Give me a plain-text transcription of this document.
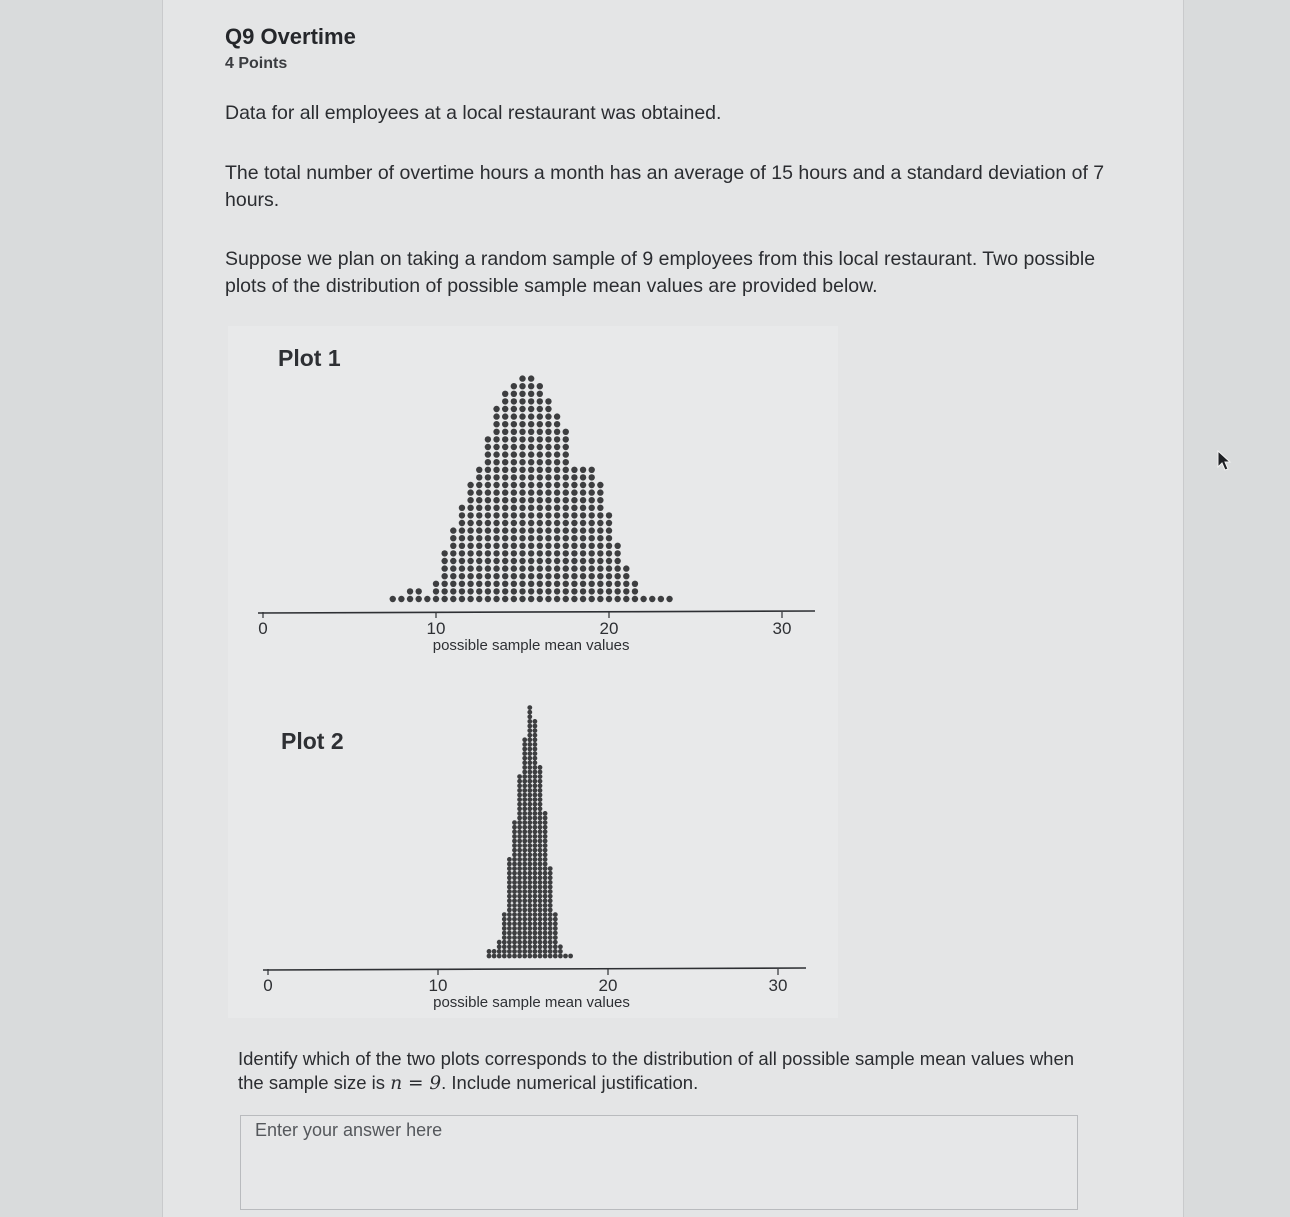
Q9 Overtime
4 Points
Data for all employees at a local restaurant was obtained.
The total number of overtime hours a month has an average of 15 hours and a standard deviation of 7 hours.
Suppose we plan on taking a random sample of 9 employees from this local restaurant. Two possible plots of the distribution of possible sample mean values are provided below.
Plot 1
0	10	20	30
possible sample mean values
Plot 2
0	10	20	30
possible sample mean values
Identify which of the two plots corresponds to the distribution of all possible sample mean values when the sample size is n = 9. Include numerical justification.
Enter your answer here
